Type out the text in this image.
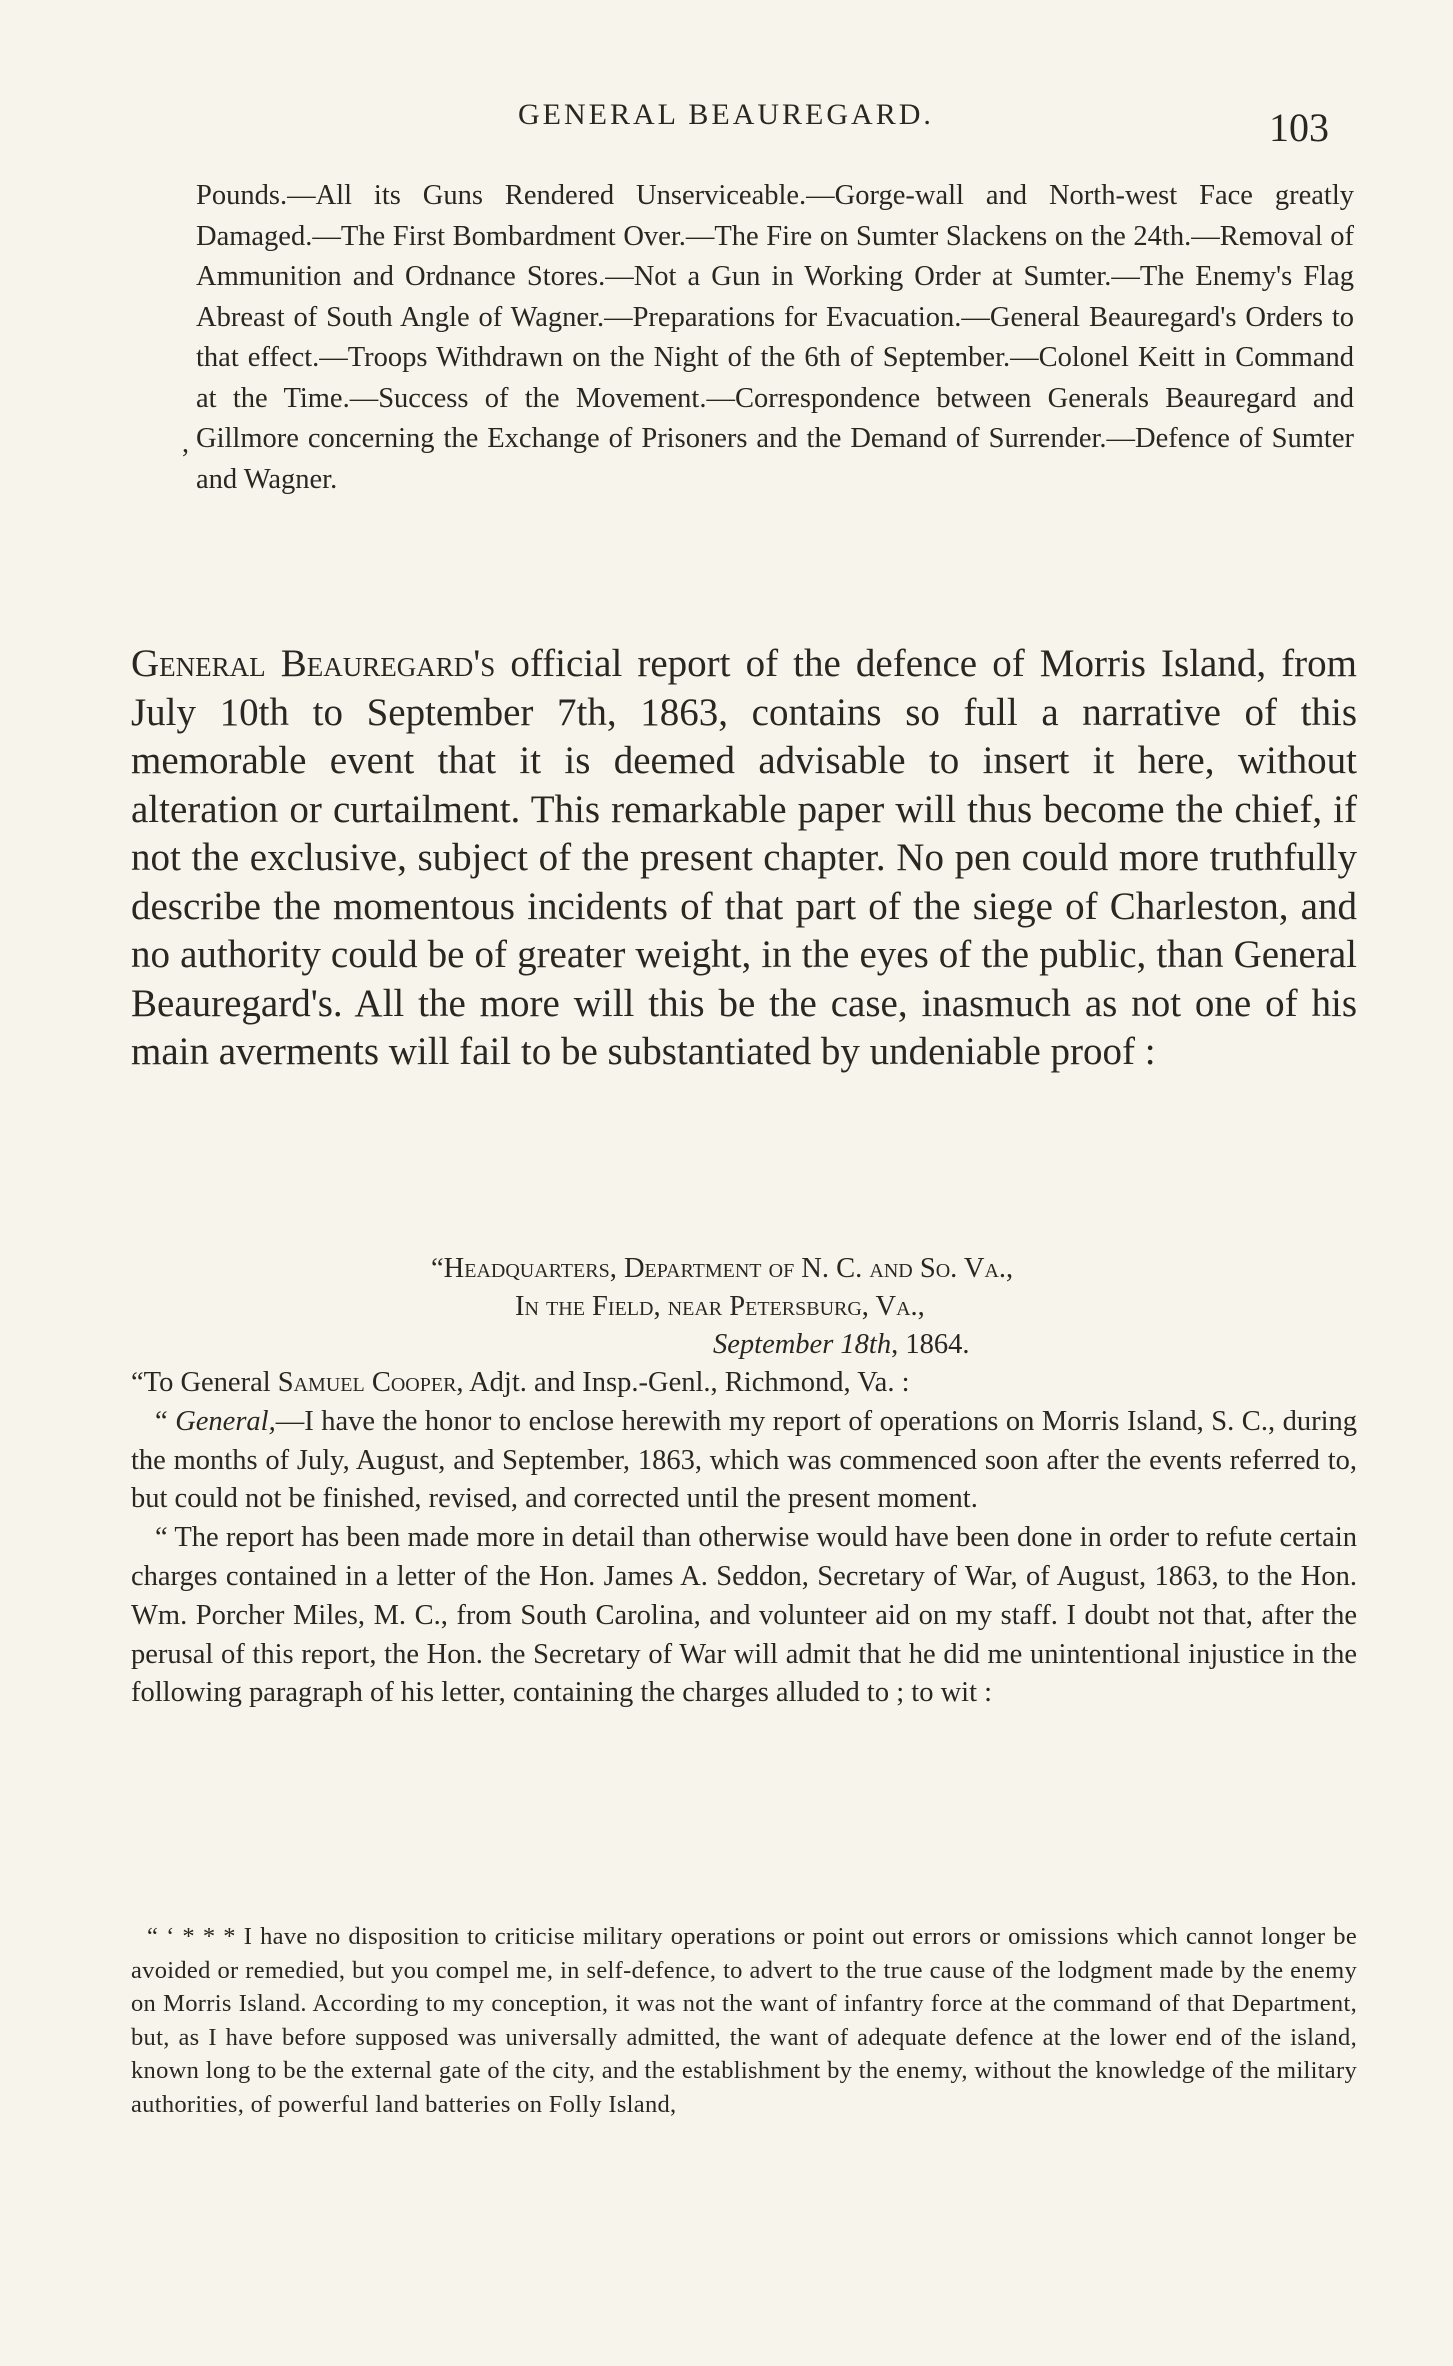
GENERAL BEAUREGARD.	103
,

Pounds.—All its Guns Rendered Unserviceable.—Gorge-wall and North-west Face greatly Damaged.—The First Bombardment Over.—The Fire on Sumter Slackens on the 24th.—Removal of Ammunition and Ordnance Stores.—Not a Gun in Working Order at Sumter.—The Enemy's Flag Abreast of South Angle of Wagner.—Preparations for Evacuation.—General Beauregard's Orders to that effect.—Troops Withdrawn on the Night of the 6th of September.—Colonel Keitt in Command at the Time.—Success of the Movement.—Correspondence between Generals Beauregard and Gillmore concerning the Exchange of Prisoners and the Demand of Surrender.—Defence of Sumter and Wagner.

General Beauregard's official report of the defence of Morris Island, from July 10th to September 7th, 1863, contains so full a narrative of this memorable event that it is deemed advisable to insert it here, without alteration or curtailment. This remarkable paper will thus become the chief, if not the exclusive, subject of the present chapter. No pen could more truthfully describe the momentous incidents of that part of the siege of Charleston, and no authority could be of greater weight, in the eyes of the public, than General Beauregard's. All the more will this be the case, inasmuch as not one of his main averments will fail to be substantiated by undeniable proof :

“Headquarters, Department of N. C. and So. Va.,
In the Field, near Petersburg, Va.,
September 18th, 1864.

“To General Samuel Cooper, Adjt. and Insp.-Genl., Richmond, Va. :

“ General,—I have the honor to enclose herewith my report of operations on Morris Island, S. C., during the months of July, August, and September, 1863, which was commenced soon after the events referred to, but could not be finished, revised, and corrected until the present moment.

“ The report has been made more in detail than otherwise would have been done in order to refute certain charges contained in a letter of the Hon. James A. Seddon, Secretary of War, of August, 1863, to the Hon. Wm. Porcher Miles, M. C., from South Carolina, and volunteer aid on my staff. I doubt not that, after the perusal of this report, the Hon. the Secretary of War will admit that he did me unintentional injustice in the following paragraph of his letter, containing the charges alluded to ; to wit :

“ ‘ * * * I have no disposition to criticise military operations or point out errors or omissions which cannot longer be avoided or remedied, but you compel me, in self-defence, to advert to the true cause of the lodgment made by the enemy on Morris Island. According to my conception, it was not the want of infantry force at the command of that Department, but, as I have before supposed was universally admitted, the want of adequate defence at the lower end of the island, known long to be the external gate of the city, and the establishment by the enemy, without the knowledge of the military authorities, of powerful land batteries on Folly Island,
